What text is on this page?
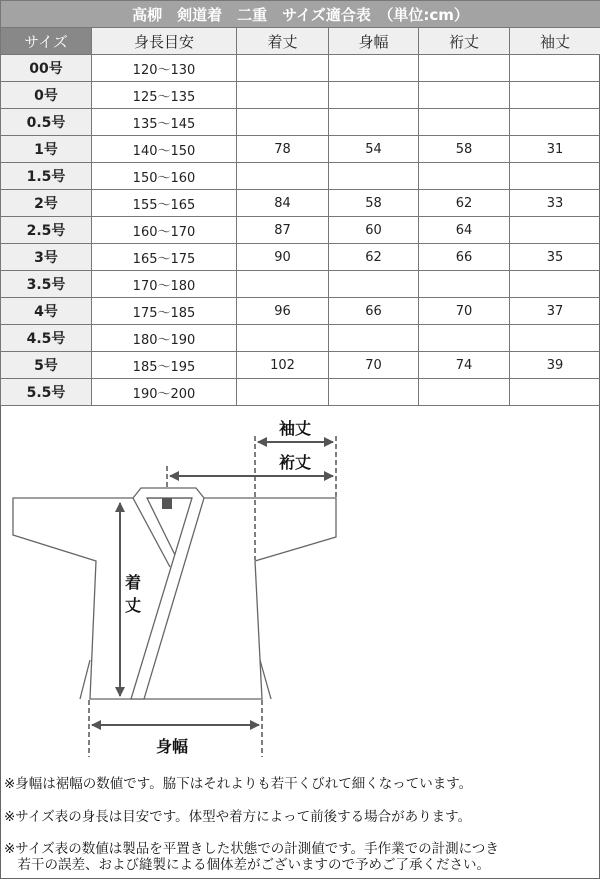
高柳　剣道着　二重　サイズ適合表　（単位:cm）					
サイズ	身長目安	着丈	身幅	裄丈	袖丈
00号	120〜130				
0号	125〜135				
0.5号	135〜145				
1号	140〜150	78	54	58	31
1.5号	150〜160				
2号	155〜165	84	58	62	33
2.5号	160〜170	87	60	64	
3号	165〜175	90	62	66	35
3.5号	170〜180				
4号	175〜185	96	66	70	37
4.5号	180〜190				
5号	185〜195	102	70	74	39
5.5号	190〜200				
袖丈
裄丈
着
丈
身幅
※身幅は裾幅の数値です。脇下はそれよりも若干くびれて細くなっています。
※サイズ表の身長は目安です。体型や着方によって前後する場合があります。
※サイズ表の数値は製品を平置きした状態での計測値です。手作業での計測につき
　若干の誤差、および縫製による個体差がございますので予めご了承ください。
